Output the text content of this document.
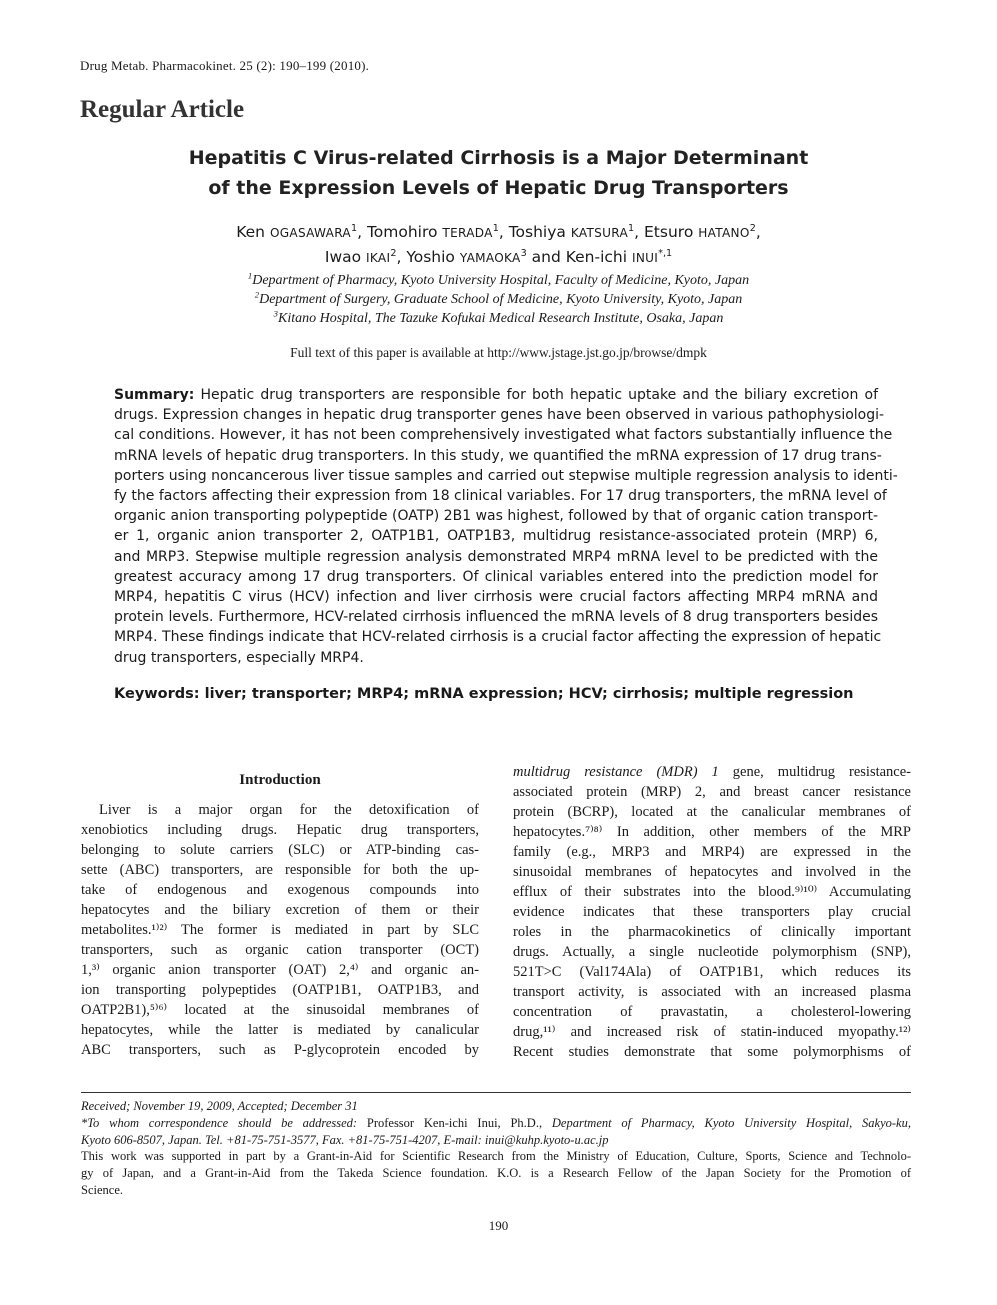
Drug Metab. Pharmacokinet. 25 (2): 190–199 (2010).
Regular Article
Hepatitis C Virus-related Cirrhosis is a Major Determinant
of the Expression Levels of Hepatic Drug Transporters
Ken OGASAWARA$^1$, Tomohiro TERADA$^1$, Toshiya KATSURA$^1$, Etsuro HATANO$^2$,
Iwao IKAI$^2$, Yoshio YAMAOKA$^3$ and Ken-ichi $INUI^{*,1}$
$^1$Department of Pharmacy, Kyoto University Hospital, Faculty of Medicine, Kyoto, Japan
$^2$Department of Surgery, Graduate School of Medicine, Kyoto University, Kyoto, Japan
$^3$Kitano Hospital, The Tazuke Kofukai Medical Research Institute, Osaka, Japan
Full text of this paper is available at http://www.jstage.jst.go.jp/browse/dmpk
Summary: Hepatic drug transporters are responsible for both hepatic uptake and the biliary excretion of
drugs. Expression changes in hepatic drug transporter genes have been observed in various pathophysiologi-
cal conditions. However, it has not been comprehensively investigated what factors substantially influence the
mRNA levels of hepatic drug transporters. In this study, we quantified the mRNA expression of 17 drug trans-
porters using noncancerous liver tissue samples and carried out stepwise multiple regression analysis to identi-
fy the factors affecting their expression from 18 clinical variables. For 17 drug transporters, the mRNA level of
organic anion transporting polypeptide (OATP) 2B1 was highest, followed by that of organic cation transport-
er 1, organic anion transporter 2, OATP1B1, OATP1B3, multidrug resistance-associated protein (MRP) 6,
and MRP3. Stepwise multiple regression analysis demonstrated MRP4 mRNA level to be predicted with the
greatest accuracy among 17 drug transporters. Of clinical variables entered into the prediction model for
MRP4, hepatitis C virus (HCV) infection and liver cirrhosis were crucial factors affecting MRP4 mRNA and
protein levels. Furthermore, HCV-related cirrhosis influenced the mRNA levels of 8 drug transporters besides
MRP4. These findings indicate that HCV-related cirrhosis is a crucial factor affecting the expression of hepatic
drug transporters, especially MRP4.
Keywords: liver; transporter; MRP4; mRNA expression; HCV; cirrhosis; multiple regression
Introduction
Liver is a major organ for the detoxification of
xenobiotics including drugs. Hepatic drug transporters,
belonging to solute carriers (SLC) or ATP-binding cas-
sette (ABC) transporters, are responsible for both the up-
take of endogenous and exogenous compounds into
hepatocytes and the biliary excretion of them or their
metabolites.¹⁾²⁾ The former is mediated in part by SLC
transporters, such as organic cation transporter (OCT)
1,³⁾ organic anion transporter (OAT) 2,⁴⁾ and organic an-
ion transporting polypeptides (OATP1B1, OATP1B3, and
OATP2B1),⁵⁾⁶⁾ located at the sinusoidal membranes of
hepatocytes, while the latter is mediated by canalicular
ABC transporters, such as P-glycoprotein encoded by
multidrug resistance (MDR) 1 gene, multidrug resistance-
associated protein (MRP) 2, and breast cancer resistance
protein (BCRP), located at the canalicular membranes of
hepatocytes.⁷⁾⁸⁾ In addition, other members of the MRP
family (e.g., MRP3 and MRP4) are expressed in the
sinusoidal membranes of hepatocytes and involved in the
efflux of their substrates into the blood.⁹⁾¹⁰⁾ Accumulating
evidence indicates that these transporters play crucial
roles in the pharmacokinetics of clinically important
drugs. Actually, a single nucleotide polymorphism (SNP),
521T>C (Val174Ala) of OATP1B1, which reduces its
transport activity, is associated with an increased plasma
concentration of pravastatin, a cholesterol-lowering
drug,¹¹⁾ and increased risk of statin-induced myopathy.¹²⁾
Recent studies demonstrate that some polymorphisms of
Received; November 19, 2009, Accepted; December 31
*To whom correspondence should be addressed: Professor Ken-ichi Inui, Ph.D., Department of Pharmacy, Kyoto University Hospital, Sakyo-ku,
Kyoto 606-8507, Japan. Tel. +81-75-751-3577, Fax. +81-75-751-4207, E-mail: inui@kuhp.kyoto-u.ac.jp
This work was supported in part by a Grant-in-Aid for Scientific Research from the Ministry of Education, Culture, Sports, Science and Technolo-
gy of Japan, and a Grant-in-Aid from the Takeda Science foundation. K.O. is a Research Fellow of the Japan Society for the Promotion of
Science.
190
